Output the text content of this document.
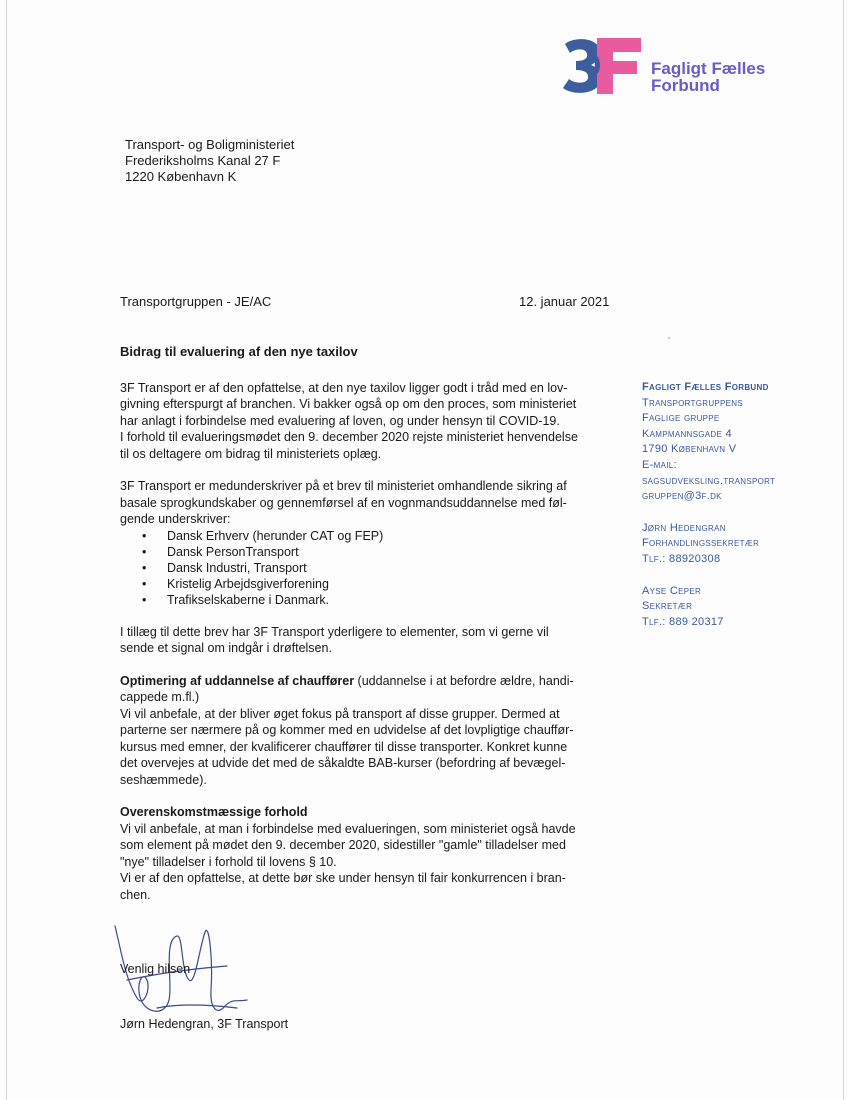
Fagligt Fælles
Forbund
Transport- og Boligministeriet
Frederiksholms Kanal 27 F
1220 København K
Transportgruppen - JE/AC	12. januar 2021
Bidrag til evaluering af den nye taxilov
3F Transport er af den opfattelse, at den nye taxilov ligger godt i tråd med en lov-
givning efterspurgt af branchen. Vi bakker også op om den proces, som ministeriet
har anlagt i forbindelse med evaluering af loven, og under hensyn til COVID-19.
I forhold til evalueringsmødet den 9. december 2020 rejste ministeriet henvendelse
til os deltagere om bidrag til ministeriets oplæg.
3F Transport er medunderskriver på et brev til ministeriet omhandlende sikring af
basale sprogkundskaber og gennemførsel af en vognmandsuddannelse med føl-
gende underskriver:
• Dansk Erhverv (herunder CAT og FEP)
• Dansk PersonTransport
• Dansk Industri, Transport
• Kristelig Arbejdsgiverforening
• Trafikselskaberne i Danmark.
I tillæg til dette brev har 3F Transport yderligere to elementer, som vi gerne vil
sende et signal om indgår i drøftelsen.
Optimering af uddannelse af chauffører (uddannelse i at befordre ældre, handi-
cappede m.fl.)
Vi vil anbefale, at der bliver øget fokus på transport af disse grupper. Dermed at
parterne ser nærmere på og kommer med en udvidelse af det lovpligtige chauffør-
kursus med emner, der kvalificerer chauffører til disse transporter. Konkret kunne
det overvejes at udvide det med de såkaldte BAB-kurser (befordring af bevægel-
seshæmmede).
Overenskomstmæssige forhold
Vi vil anbefale, at man i forbindelse med evalueringen, som ministeriet også havde
som element på mødet den 9. december 2020, sidestiller "gamle" tilladelser med
"nye" tilladelser i forhold til lovens § 10.
Vi er af den opfattelse, at dette bør ske under hensyn til fair konkurrencen i bran-
chen.
Venlig hilsen
Jørn Hedengran, 3F Transport
Fagligt Fælles Forbund
Transportgruppens
Faglige gruppe
Kampmannsgade 4
1790 København V
E-mail:
sagsudveksling.transport
gruppen@3f.dk
Jørn Hedengran
Forhandlingssekretær
Tlf.: 88920308
Ayse Ceper
Sekretær
Tlf.: 889 20317
